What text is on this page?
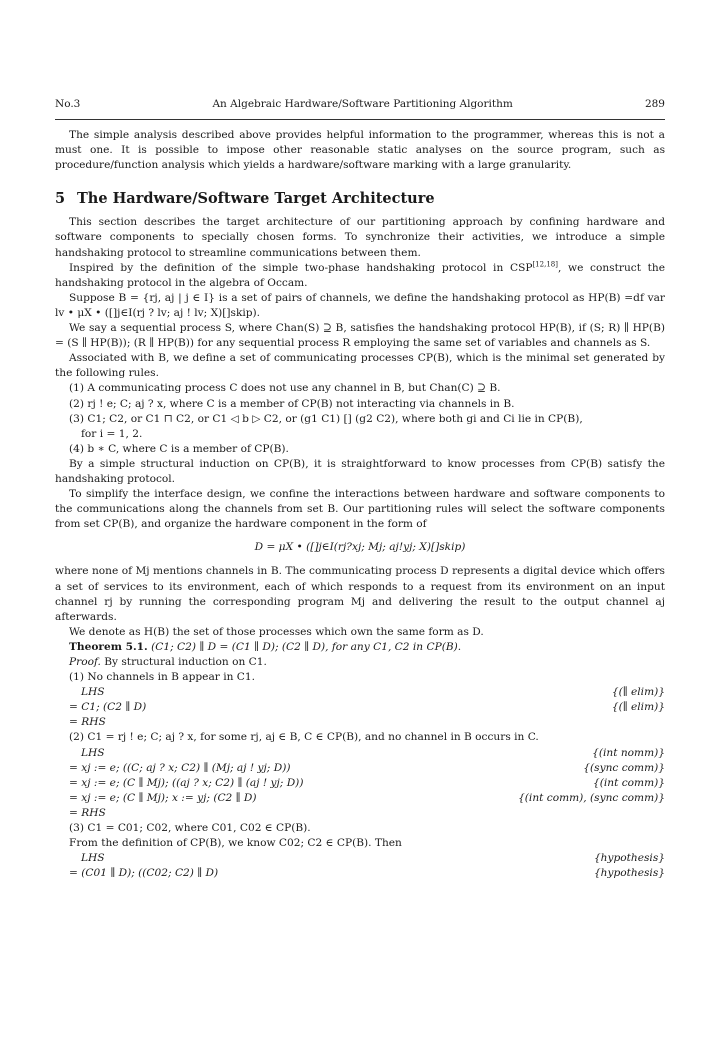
No.3	An Algebraic Hardware/Software Partitioning Algorithm	289

The simple analysis described above provides helpful information to the programmer, whereas this is not a must one. It is possible to impose other reasonable static analyses on the source program, such as procedure/function analysis which yields a hardware/software marking with a large granularity.

5 The Hardware/Software Target Architecture

This section describes the target architecture of our partitioning approach by confining hardware and software components to specially chosen forms. To synchronize their activities, we introduce a simple handshaking protocol to streamline communications between them.

Inspired by the definition of the simple two-phase handshaking protocol in CSP[12,18], we construct the handshaking protocol in the algebra of Occam.

Suppose B = {rj, aj | j ∈ I} is a set of pairs of channels, we define the handshaking protocol as HP(B) =df var lv • μX • ([]j∈I(rj ? lv; aj ! lv; X)[]skip).

We say a sequential process S, where Chan(S) ⊇ B, satisfies the handshaking protocol HP(B), if (S; R) ∥ HP(B) = (S ∥ HP(B)); (R ∥ HP(B)) for any sequential process R employing the same set of variables and channels as S.

Associated with B, we define a set of communicating processes CP(B), which is the minimal set generated by the following rules.

(1) A communicating process C does not use any channel in B, but Chan(C) ⊇ B.

(2) rj ! e; C; aj ? x, where C is a member of CP(B) not interacting via channels in B.

(3) C1; C2, or C1 ⊓ C2, or C1 ◁ b ▷ C2, or (g1 C1) [] (g2 C2), where both gi and Ci lie in CP(B),

for i = 1, 2.

(4) b ∗ C, where C is a member of CP(B).

By a simple structural induction on CP(B), it is straightforward to know processes from CP(B) satisfy the handshaking protocol.

To simplify the interface design, we confine the interactions between hardware and software components to the communications along the channels from set B. Our partitioning rules will select the software components from set CP(B), and organize the hardware component in the form of

D = μX • ([]j∈I(rj?xj; Mj; aj!yj; X)[]skip)

where none of Mj mentions channels in B. The communicating process D represents a digital device which offers a set of services to its environment, each of which responds to a request from its environment on an input channel rj by running the corresponding program Mj and delivering the result to the output channel aj afterwards.

We denote as H(B) the set of those processes which own the same form as D.

Theorem 5.1. (C1; C2) ∥ D = (C1 ∥ D); (C2 ∥ D), for any C1, C2 in CP(B).

Proof. By structural induction on C1.

(1) No channels in B appear in C1.

LHS	{(∥ elim)}
= C1; (C2 ∥ D)	{(∥ elim)}
= RHS

(2) C1 = rj ! e; C; aj ? x, for some rj, aj ∈ B, C ∈ CP(B), and no channel in B occurs in C.

LHS	{(int nomm)}
= xj := e; ((C; aj ? x; C2) ∥ (Mj; aj ! yj; D))	{(sync comm)}
= xj := e; (C ∥ Mj); ((aj ? x; C2) ∥ (aj ! yj; D))	{(int comm)}
= xj := e; (C ∥ Mj); x := yj; (C2 ∥ D)	{(int comm), (sync comm)}
= RHS

(3) C1 = C01; C02, where C01, C02 ∈ CP(B).

From the definition of CP(B), we know C02; C2 ∈ CP(B). Then

LHS	{hypothesis}
= (C01 ∥ D); ((C02; C2) ∥ D)	{hypothesis}
